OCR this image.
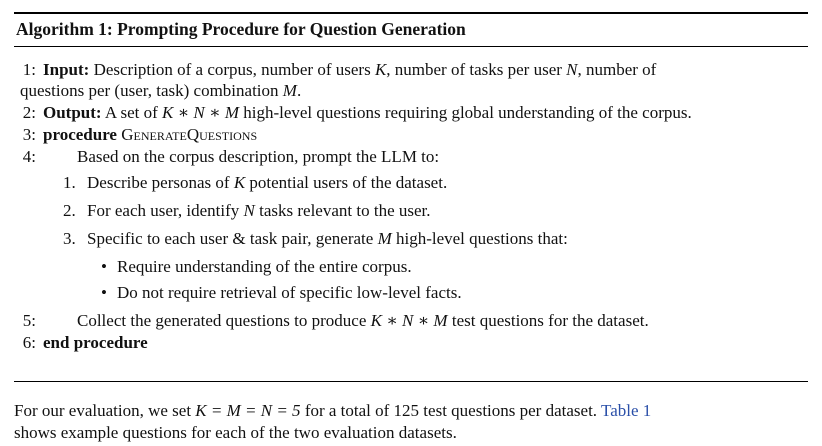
Algorithm 1: Prompting Procedure for Question Generation
1: Input: Description of a corpus, number of users K, number of tasks per user N, number of
questions per (user, task) combination M.
2: Output: A set of K ∗ N ∗ M high-level questions requiring global understanding of the corpus.
3: procedure GenerateQuestions
4: Based on the corpus description, prompt the LLM to:
1. Describe personas of K potential users of the dataset.
2. For each user, identify N tasks relevant to the user.
3. Specific to each user & task pair, generate M high-level questions that:
• Require understanding of the entire corpus.
• Do not require retrieval of specific low-level facts.
5: Collect the generated questions to produce K ∗ N ∗ M test questions for the dataset.
6: end procedure
For our evaluation, we set K = M = N = 5 for a total of 125 test questions per dataset. Table 1
shows example questions for each of the two evaluation datasets.
